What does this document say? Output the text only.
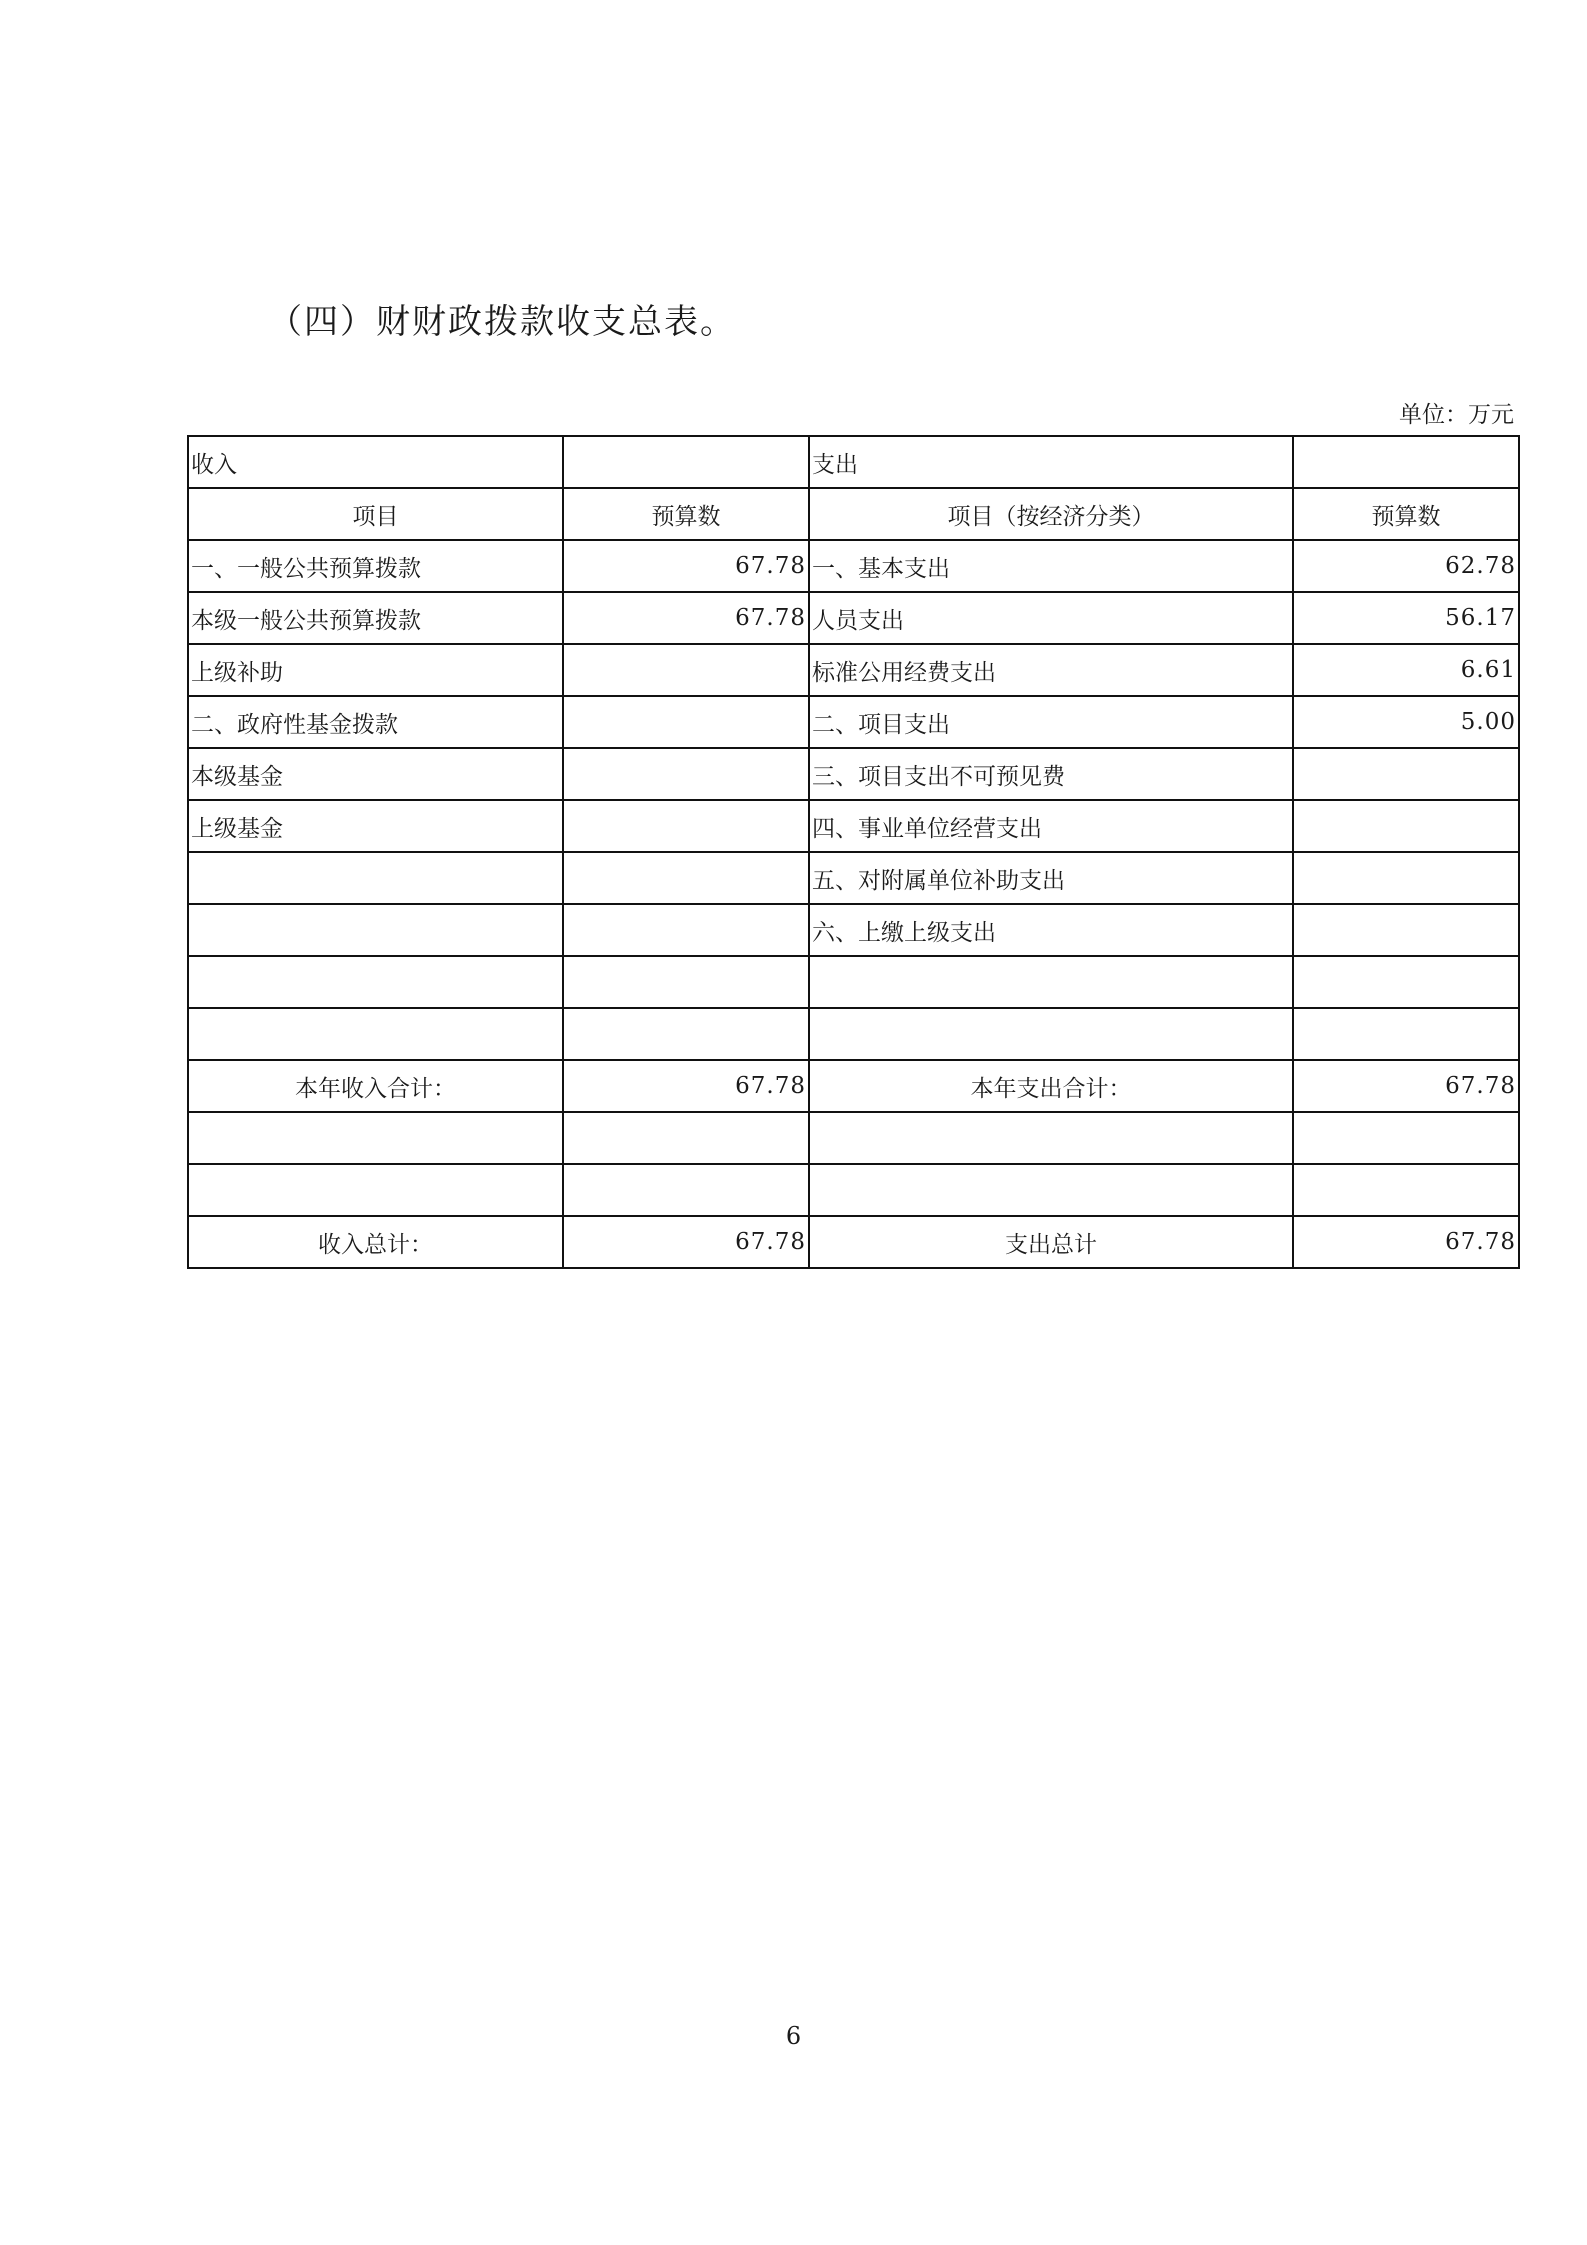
（四）财财政拨款收支总表。
单位：万元
收入		支出	
项目	预算数	项目（按经济分类）	预算数
一、一般公共预算拨款	67.78	一、基本支出	62.78
本级一般公共预算拨款	67.78	人员支出	56.17
上级补助		标准公用经费支出	6.61
二、政府性基金拨款		二、项目支出	5.00
本级基金		三、项目支出不可预见费	
上级基金		四、事业单位经营支出	
		五、对附属单位补助支出	
		六、上缴上级支出	

本年收入合计：	67.78	本年支出合计：	67.78

收入总计：	67.78	支出总计	67.78
6
